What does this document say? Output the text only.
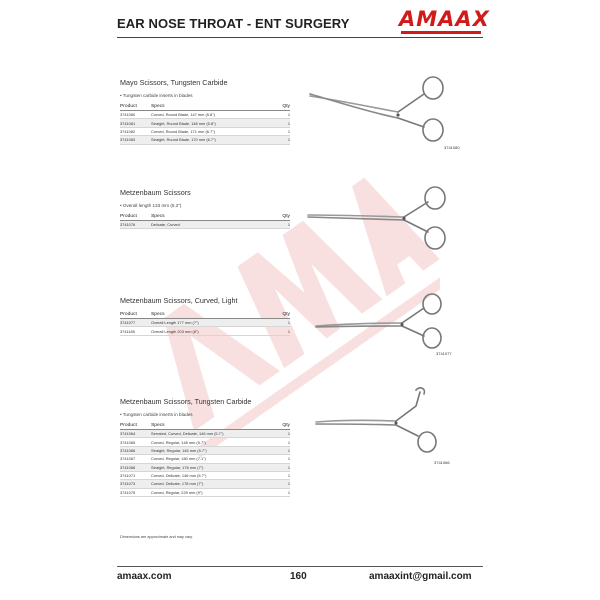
EAR NOSE THROAT - ENT SURGERY AMAAX
Mayo Scissors, Tungsten Carbide
• Tungsten carbide inserts in blades
Product	Specs	Qty
3741080	Curved, Round Blade, 147 mm (5.8")	1
3741081	Straight, Round Blade, 148 mm (5.8")	1
3741082	Curved, Round Blade, 171 mm (6.7")	1
3741083	Straight, Round Blade, 170 mm (6.7")	1
3741080
Metzenbaum Scissors
• Overall length 133 mm (5.2")
Product	Specs	Qty
3741076	Delicate, Curved	1
Metzenbaum Scissors, Curved, Light
Product	Specs	Qty
3741077	Overall Length 177 mm (7")	1
3741185	Overall Length 203 mm (8")	1
3741077
Metzenbaum Scissors, Tungsten Carbide
• Tungsten carbide inserts in blades
Product	Specs	Qty
3741064	Serrated, Curved, Delicate, 146 mm (5.7")	1
3741065	Curved, Regular, 146 mm (5.7")	1
3741066	Straight, Regular, 146 mm (5.7")	1
3741067	Curved, Regular, 180 mm (7.1")	1
3741068	Straight, Regular, 178 mm (7")	1
3741071	Curved, Delicate, 146 mm (5.7")	1
3741073	Curved, Delicate, 178 mm (7")	1
3741075	Curved, Regular, 229 mm (9")	1
3741066
Dimensions are approximate and may vary.
amaax.com	160	amaaxint@gmail.com
